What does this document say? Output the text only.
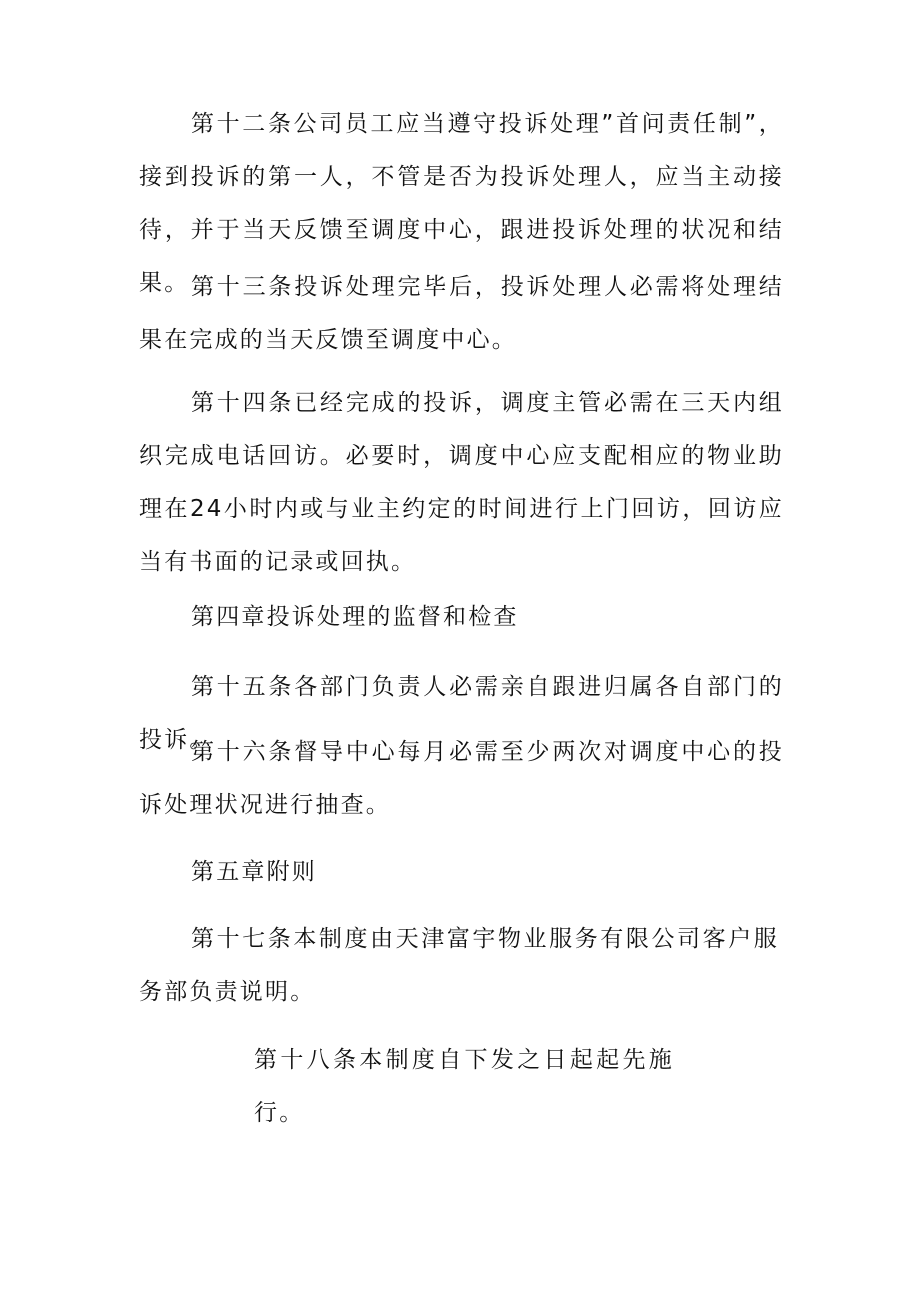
第十二条公司员工应当遵守投诉处理”首问责任制”，接到投诉的第一人，不管是否为投诉处理人，应当主动接待，并于当天反馈至调度中心，跟进投诉处理的状况和结果。 第十三条投诉处理完毕后，投诉处理人必需将处理结果在完成的当天反馈至调度中心。

第十四条已经完成的投诉，调度主管必需在三天内组织完成电话回访。必要时，调度中心应支配相应的物业助理在24小时内或与业主约定的时间进行上门回访，回访应当有书面的记录或回执。

第四章投诉处理的监督和检查

第十五条各部门负责人必需亲自跟进归属各自部门的投诉。

第十六条督导中心每月必需至少两次对调度中心的投诉处理状况进行抽查。

第五章附则

第十七条本制度由天津富宇物业服务有限公司客户服务部负责说明。

第十八条本制度自下发之日起起先施行。
